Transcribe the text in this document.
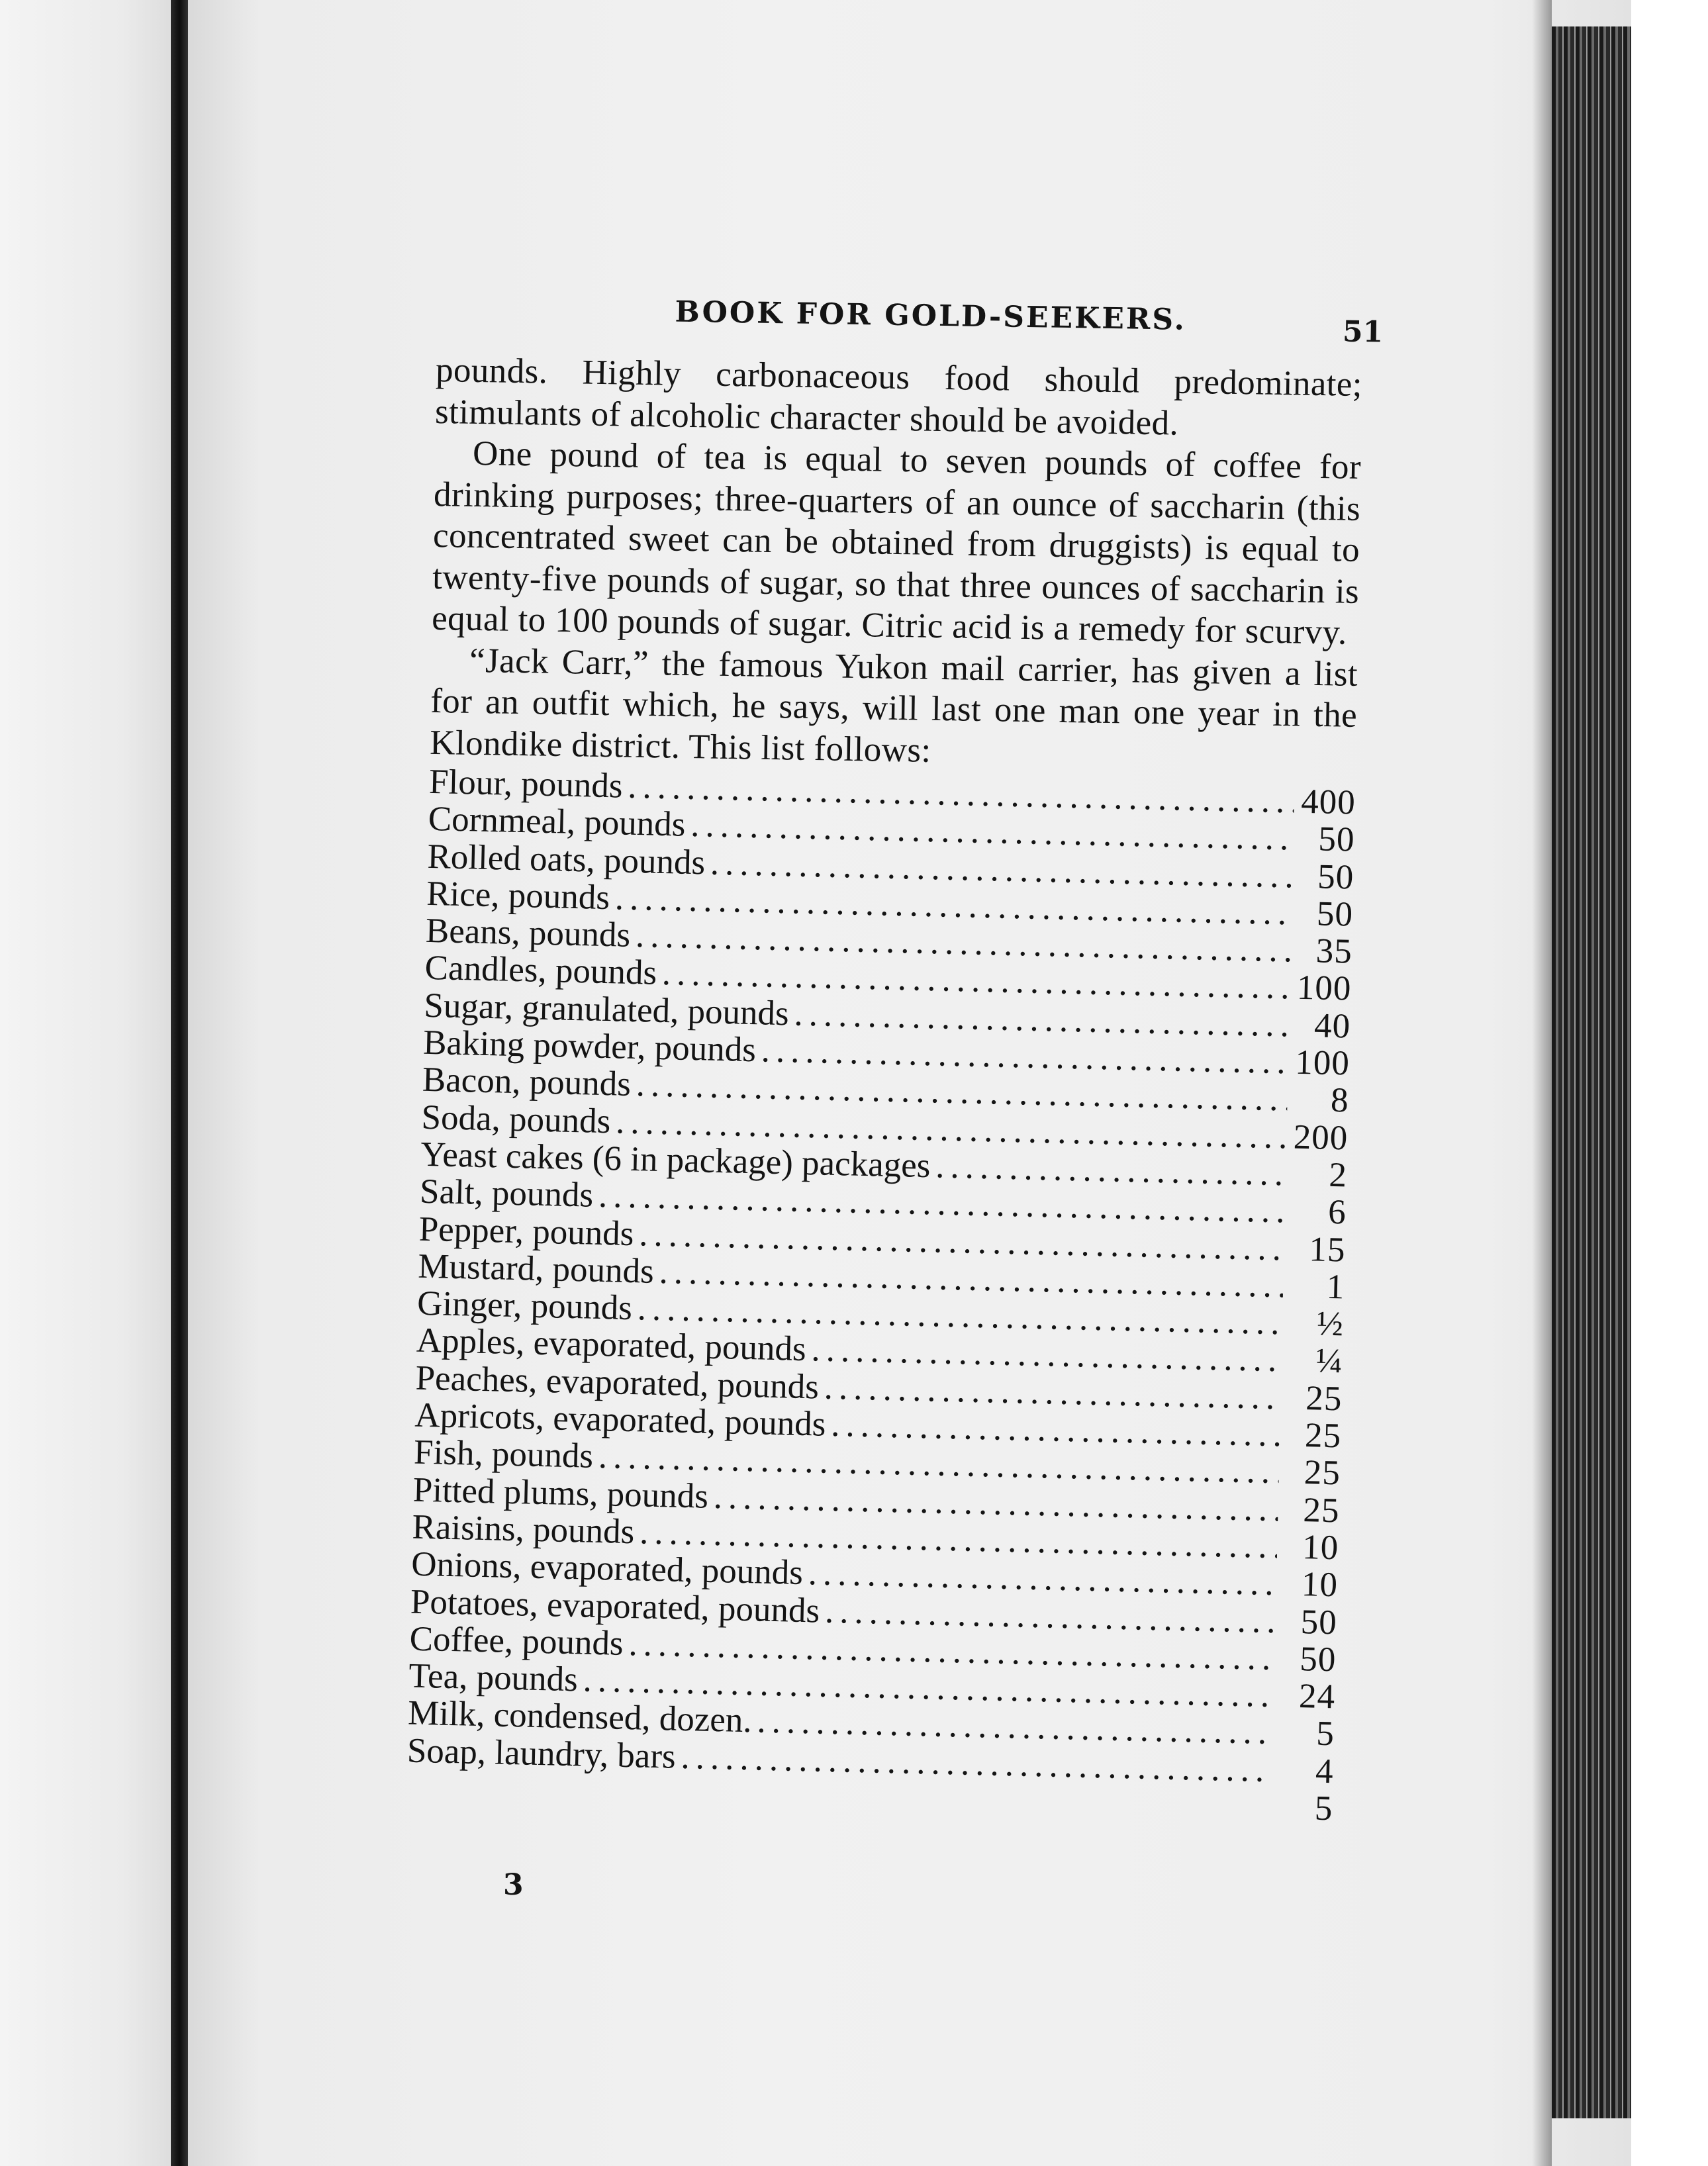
BOOK FOR GOLD-SEEKERS.	51

pounds. Highly carbonaceous food should predominate; stimulants of alcoholic character should be avoided.

One pound of tea is equal to seven pounds of coffee for drinking purposes; three-quarters of an ounce of saccharin (this concentrated sweet can be obtained from druggists) is equal to twenty-five pounds of sugar, so that three ounces of saccharin is equal to 100 pounds of sugar. Citric acid is a remedy for scurvy.

“Jack Carr,” the famous Yukon mail carrier, has given a list for an outfit which, he says, will last one man one year in the Klondike district. This list follows:

Flour, pounds .....	400
Cornmeal, pounds .....	50
Rolled oats, pounds .....	50
Rice, pounds .....	50
Beans, pounds .....	35
Candles, pounds .....	100
Sugar, granulated, pounds .....	40
Baking powder, pounds .....	100
Bacon, pounds .....	8
Soda, pounds .....	200
Yeast cakes (6 in package) packages .....	2
Salt, pounds .....	6
Pepper, pounds .....	15
Mustard, pounds .....	1
Ginger, pounds .....	½
Apples, evaporated, pounds .....	¼
Peaches, evaporated, pounds .....	25
Apricots, evaporated, pounds .....	25
Fish, pounds .....	25
Pitted plums, pounds .....	25
Raisins, pounds .....	10
Onions, evaporated, pounds .....	10
Potatoes, evaporated, pounds .....	50
Coffee, pounds .....	50
Tea, pounds .....	24
Milk, condensed, dozen. .....	5
Soap, laundry, bars .....	4
5
3
